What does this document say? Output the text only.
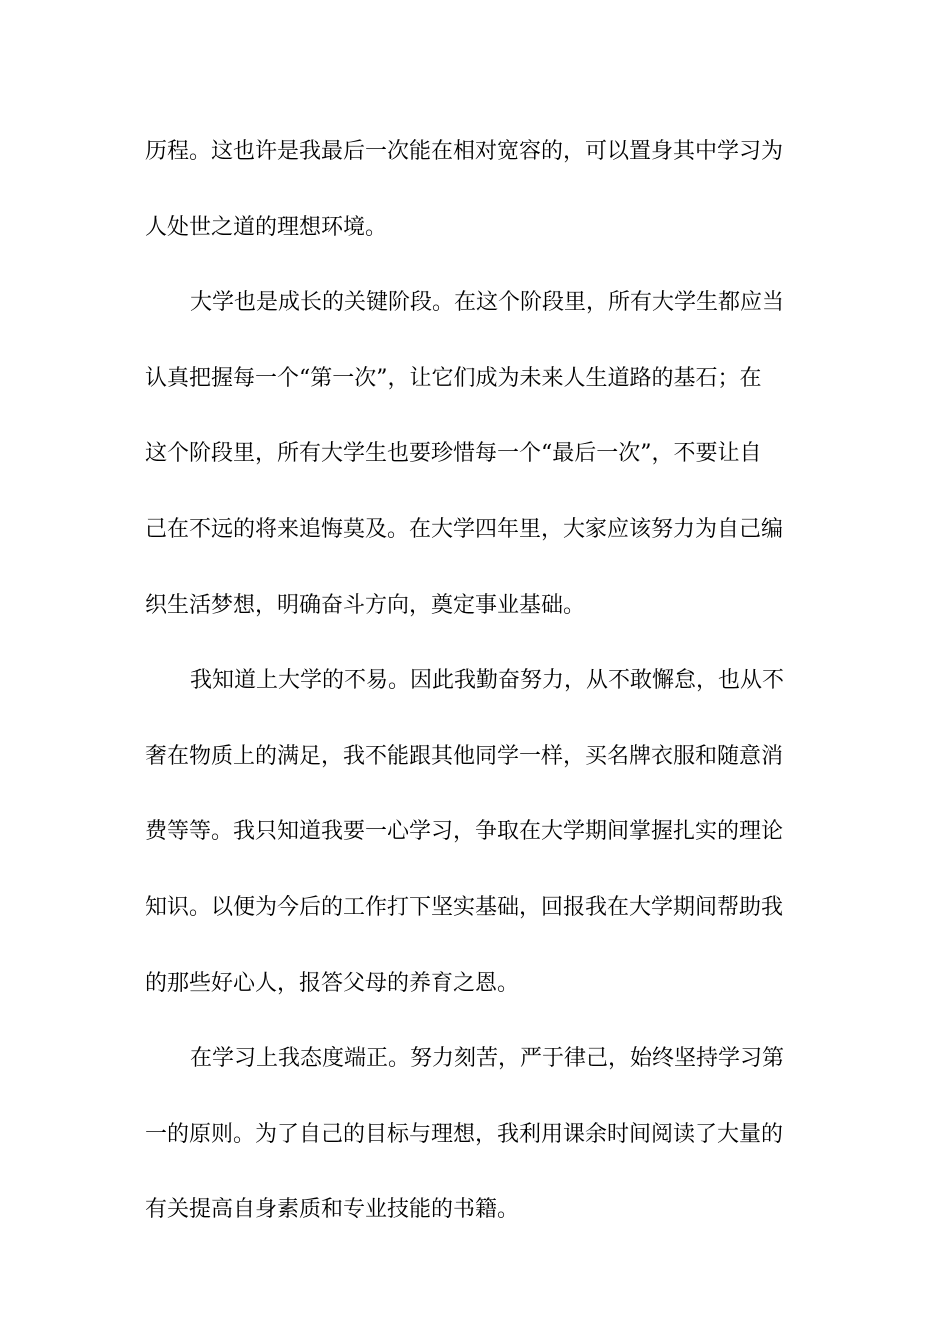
历程。这也许是我最后一次能在相对宽容的，可以置身其中学习为
人处世之道的理想环境。
大学也是成长的关键阶段。在这个阶段里，所有大学生都应当
认真把握每一个“第一次”，让它们成为未来人生道路的基石；在
这个阶段里，所有大学生也要珍惜每一个“最后一次”，不要让自
己在不远的将来追悔莫及。在大学四年里，大家应该努力为自己编
织生活梦想，明确奋斗方向，奠定事业基础。
我知道上大学的不易。因此我勤奋努力，从不敢懈怠，也从不
奢在物质上的满足，我不能跟其他同学一样，买名牌衣服和随意消
费等等。我只知道我要一心学习，争取在大学期间掌握扎实的理论
知识。以便为今后的工作打下坚实基础，回报我在大学期间帮助我
的那些好心人，报答父母的养育之恩。
在学习上我态度端正。努力刻苦，严于律己，始终坚持学习第
一的原则。为了自己的目标与理想，我利用课余时间阅读了大量的
有关提高自身素质和专业技能的书籍。
